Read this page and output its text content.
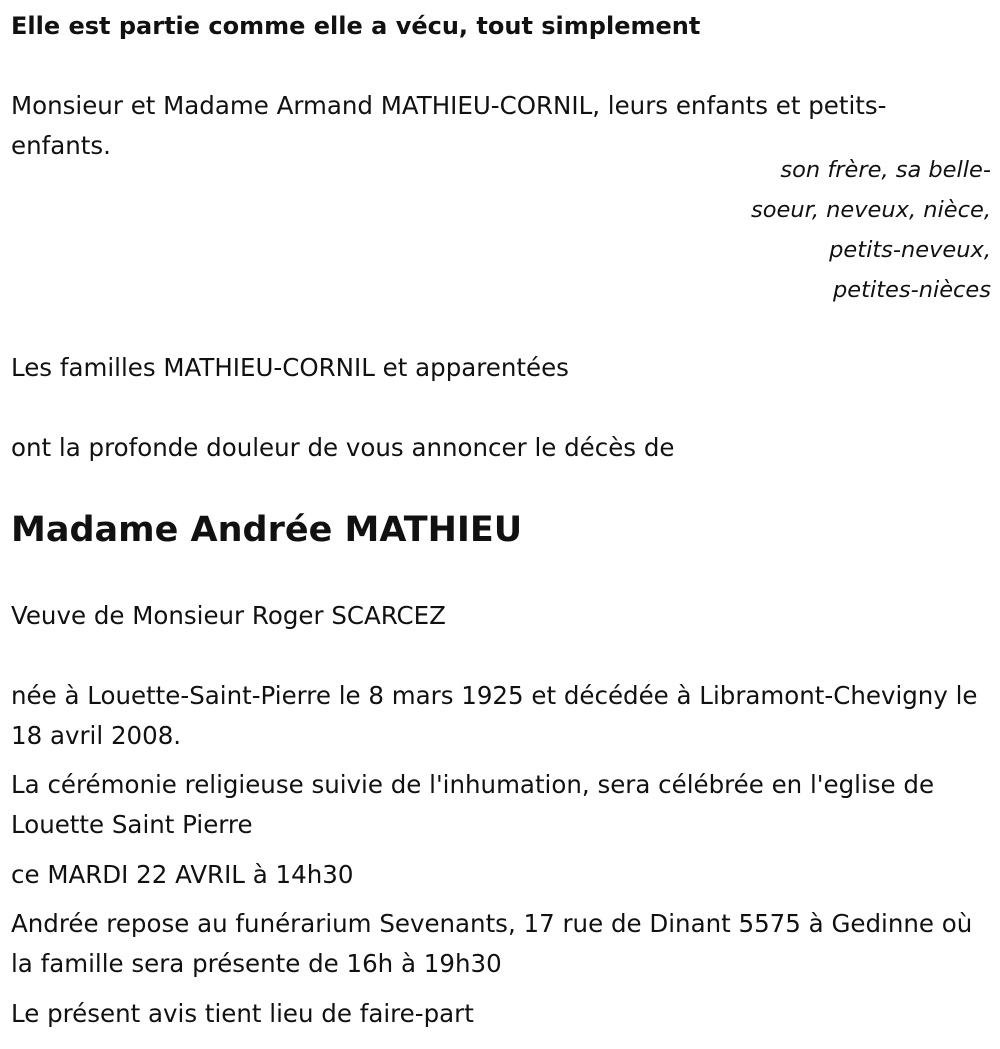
Elle est partie comme elle a vécu, tout simplement

Monsieur et Madame Armand MATHIEU-CORNIL, leurs enfants et petits-enfants.

son frère, sa belle-soeur, neveux, nièce, petits-neveux, petites-nièces

Les familles MATHIEU-CORNIL et apparentées

ont la profonde douleur de vous annoncer le décès de

Madame Andrée MATHIEU

Veuve de Monsieur Roger SCARCEZ

née à Louette-Saint-Pierre le 8 mars 1925 et décédée à Libramont-Chevigny le 18 avril 2008.

La cérémonie religieuse suivie de l'inhumation, sera célébrée en l'eglise de Louette Saint Pierre

ce MARDI 22 AVRIL à 14h30

Andrée repose au funérarium Sevenants, 17 rue de Dinant 5575 à Gedinne où la famille sera présente de 16h à 19h30

Le présent avis tient lieu de faire-part
